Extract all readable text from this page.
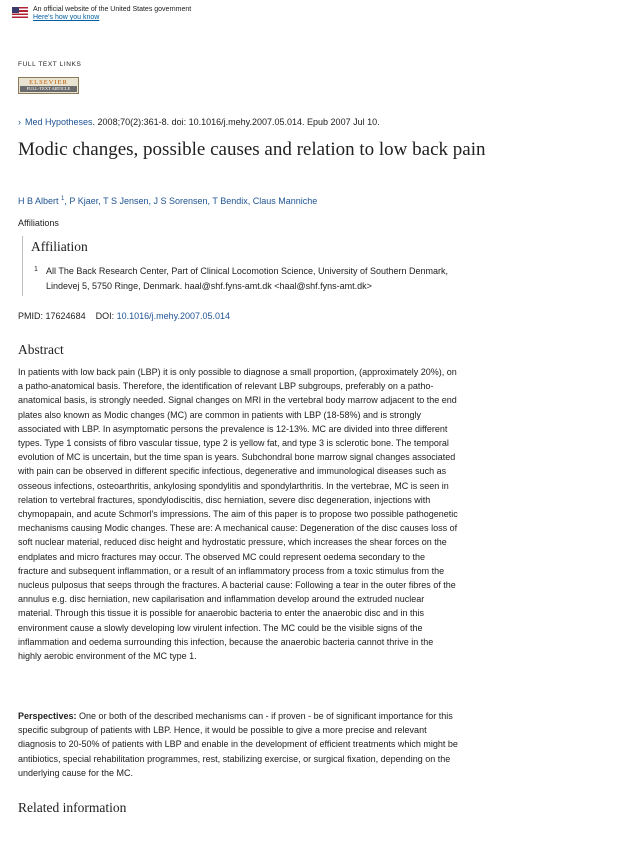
An official website of the United States government
Here's how you know
FULL TEXT LINKS
ELSEVIER
FULL-TEXT ARTICLE
› Med Hypotheses. 2008;70(2):361-8. doi: 10.1016/j.mehy.2007.05.014. Epub 2007 Jul 10.
Modic changes, possible causes and relation to low back pain
H B Albert $^1$, P Kjaer, T S Jensen, J S Sorensen, T Bendix, Claus Manniche
Affiliations
Affiliation
1 All The Back Research Center, Part of Clinical Locomotion Science, University of Southern Denmark, Lindevej 5, 5750 Ringe, Denmark. haal@shf.fyns-amt.dk <haal@shf.fyns-amt.dk>
PMID: 17624684 DOI: 10.1016/j.mehy.2007.05.014
Abstract

In patients with low back pain (LBP) it is only possible to diagnose a small proportion, (approximately 20%), on a patho-anatomical basis. Therefore, the identification of relevant LBP subgroups, preferably on a patho-anatomical basis, is strongly needed. Signal changes on MRI in the vertebral body marrow adjacent to the end plates also known as Modic changes (MC) are common in patients with LBP (18-58%) and is strongly associated with LBP. In asymptomatic persons the prevalence is 12-13%. MC are divided into three different types. Type 1 consists of fibro vascular tissue, type 2 is yellow fat, and type 3 is sclerotic bone. The temporal evolution of MC is uncertain, but the time span is years. Subchondral bone marrow signal changes associated with pain can be observed in different specific infectious, degenerative and immunological diseases such as osseous infections, osteoarthritis, ankylosing spondylitis and spondylarthritis. In the vertebrae, MC is seen in relation to vertebral fractures, spondylodiscitis, disc herniation, severe disc degeneration, injections with chymopapain, and acute Schmorl's impressions. The aim of this paper is to propose two possible pathogenetic mechanisms causing Modic changes. These are: A mechanical cause: Degeneration of the disc causes loss of soft nuclear material, reduced disc height and hydrostatic pressure, which increases the shear forces on the endplates and micro fractures may occur. The observed MC could represent oedema secondary to the fracture and subsequent inflammation, or a result of an inflammatory process from a toxic stimulus from the nucleus pulposus that seeps through the fractures. A bacterial cause: Following a tear in the outer fibres of the annulus e.g. disc herniation, new capilarisation and inflammation develop around the extruded nuclear material. Through this tissue it is possible for anaerobic bacteria to enter the anaerobic disc and in this environment cause a slowly developing low virulent infection. The MC could be the visible signs of the inflammation and oedema surrounding this infection, because the anaerobic bacteria cannot thrive in the highly aerobic environment of the MC type 1.

Perspectives: One or both of the described mechanisms can - if proven - be of significant importance for this specific subgroup of patients with LBP. Hence, it would be possible to give a more precise and relevant diagnosis to 20-50% of patients with LBP and enable in the development of efficient treatments which might be antibiotics, special rehabilitation programmes, rest, stabilizing exercise, or surgical fixation, depending on the underlying cause for the MC.

Related information
